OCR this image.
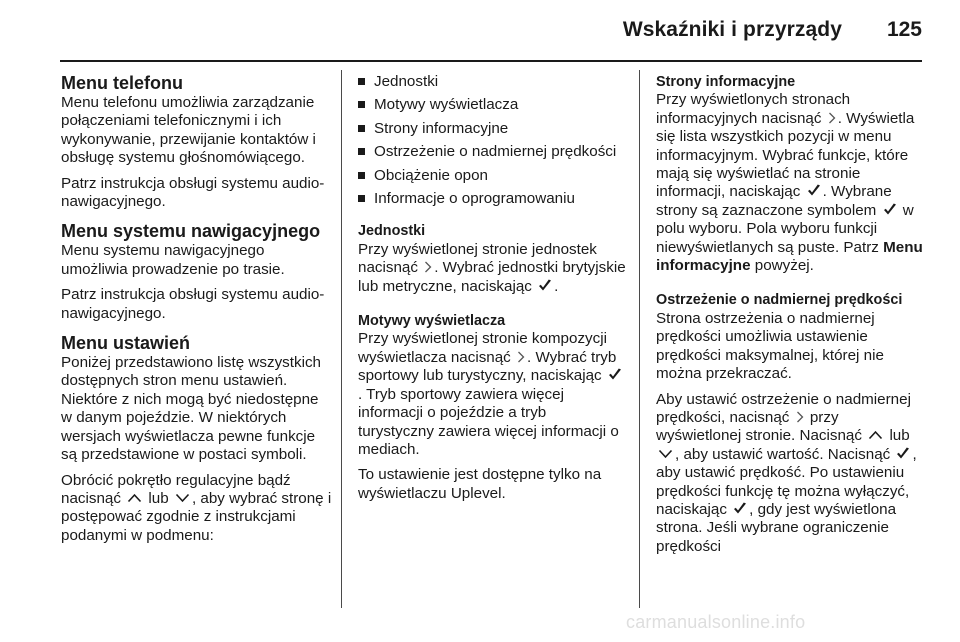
Wskaźniki i przyrządy 125
Menu telefonu

Menu telefonu umożliwia zarządzanie połączeniami telefonicznymi i ich wykonywanie, przewijanie kontaktów i obsługę systemu głośnomówiącego.

Patrz instrukcja obsługi systemu audio-nawigacyjnego.

Menu systemu nawigacyjnego

Menu systemu nawigacyjnego umożliwia prowadzenie po trasie.

Patrz instrukcja obsługi systemu audio-nawigacyjnego.

Menu ustawień

Poniżej przedstawiono listę wszystkich dostępnych stron menu ustawień. Niektóre z nich mogą być niedostępne w danym pojeździe. W niektórych wersjach wyświetlacza pewne funkcje są przedstawione w postaci symboli.

Obrócić pokrętło regulacyjne bądź nacisnąć lub , aby wybrać stronę i postępować zgodnie z instrukcjami podanymi w podmenu:

Jednostki
Motywy wyświetlacza
Strony informacyjne
Ostrzeżenie o nadmiernej prędkości
Obciążenie opon
Informacje o oprogramowaniu
Jednostki

Przy wyświetlonej stronie jednostek nacisnąć . Wybrać jednostki brytyjskie lub metryczne, naciskając .

Motywy wyświetlacza

Przy wyświetlonej stronie kompozycji wyświetlacza nacisnąć . Wybrać tryb sportowy lub turystyczny, naciskając
. Tryb sportowy zawiera więcej informacji o pojeździe a tryb turystyczny zawiera więcej informacji o mediach.

To ustawienie jest dostępne tylko na wyświetlaczu Uplevel.

Strony informacyjne

Przy wyświetlonych stronach informacyjnych nacisnąć . Wyświetla się lista wszystkich pozycji w menu informacyjnym. Wybrać funkcje, które mają się wyświetlać na stronie informacji, naciskając . Wybrane strony są zaznaczone symbolem w polu wyboru. Pola wyboru funkcji niewyświetlanych są puste. Patrz Menu informacyjne powyżej.

Ostrzeżenie o nadmiernej prędkości

Strona ostrzeżenia o nadmiernej prędkości umożliwia ustawienie prędkości maksymalnej, której nie można przekraczać.

Aby ustawić ostrzeżenie o nadmiernej prędkości, nacisnąć przy wyświetlonej stronie. Nacisnąć lub
, aby ustawić wartość. Nacisnąć , aby ustawić prędkość. Po ustawieniu prędkości funkcję tę można wyłączyć, naciskając , gdy jest wyświetlona strona. Jeśli wybrane ograniczenie prędkości

carmanualsonline.info
